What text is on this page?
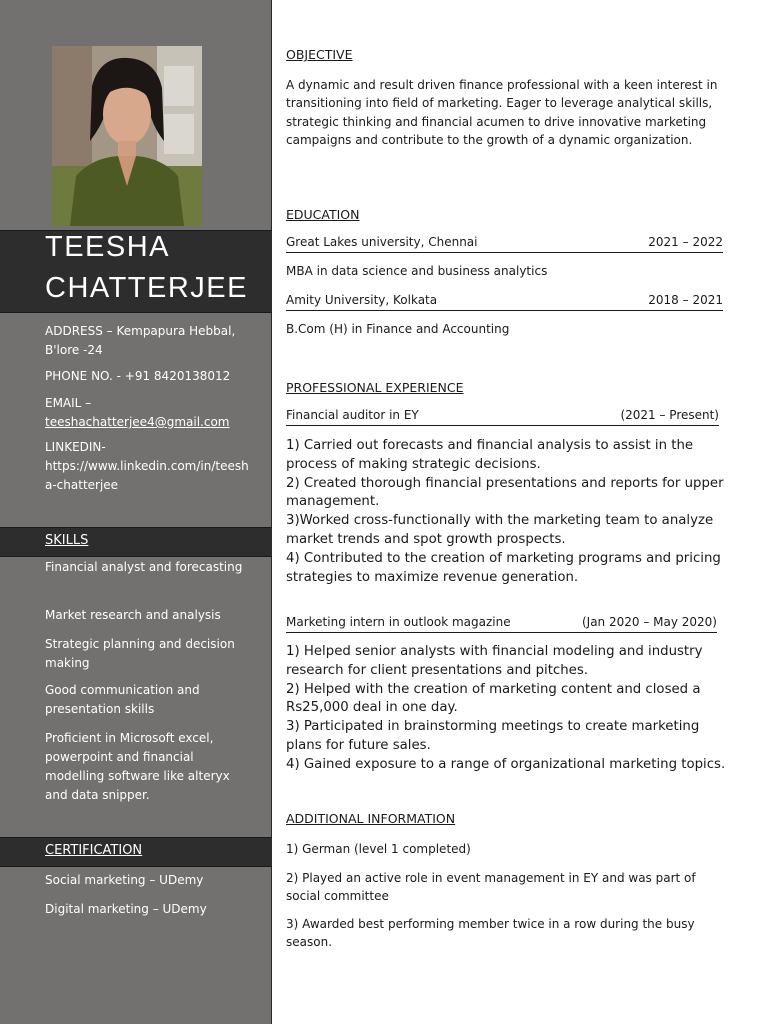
TEESHA
CHATTERJEE
ADDRESS – Kempapura Hebbal, B'lore -24
PHONE NO. - +91 8420138012
EMAIL –
teeshachatterjee4@gmail.com
LINKEDIN-
https://www.linkedin.com/in/teesha-chatterjee
SKILLS
Financial analyst and forecasting
Market research and analysis
Strategic planning and decision making
Good communication and presentation skills
Proficient in Microsoft excel, powerpoint and financial modelling software like alteryx and data snipper.
CERTIFICATION
Social marketing – UDemy
Digital marketing – UDemy
OBJECTIVE
A dynamic and result driven finance professional with a keen interest in transitioning into field of marketing. Eager to leverage analytical skills, strategic thinking and financial acumen to drive innovative marketing campaigns and contribute to the growth of a dynamic organization.
EDUCATION
Great Lakes university, Chennai	2021 – 2022
MBA in data science and business analytics
Amity University, Kolkata	2018 – 2021
B.Com (H) in Finance and Accounting
PROFESSIONAL EXPERIENCE
Financial auditor in EY	(2021 – Present)
1) Carried out forecasts and financial analysis to assist in the process of making strategic decisions.
2) Created thorough financial presentations and reports for upper management.
3)Worked cross-functionally with the marketing team to analyze market trends and spot growth prospects.
4) Contributed to the creation of marketing programs and pricing strategies to maximize revenue generation.
Marketing intern in outlook magazine	(Jan 2020 – May 2020)
1) Helped senior analysts with financial modeling and industry research for client presentations and pitches.
2) Helped with the creation of marketing content and closed a Rs25,000 deal in one day.
3) Participated in brainstorming meetings to create marketing plans for future sales.
4) Gained exposure to a range of organizational marketing topics.
ADDITIONAL INFORMATION
1) German (level 1 completed)
2) Played an active role in event management in EY and was part of social committee
3) Awarded best performing member twice in a row during the busy season.
